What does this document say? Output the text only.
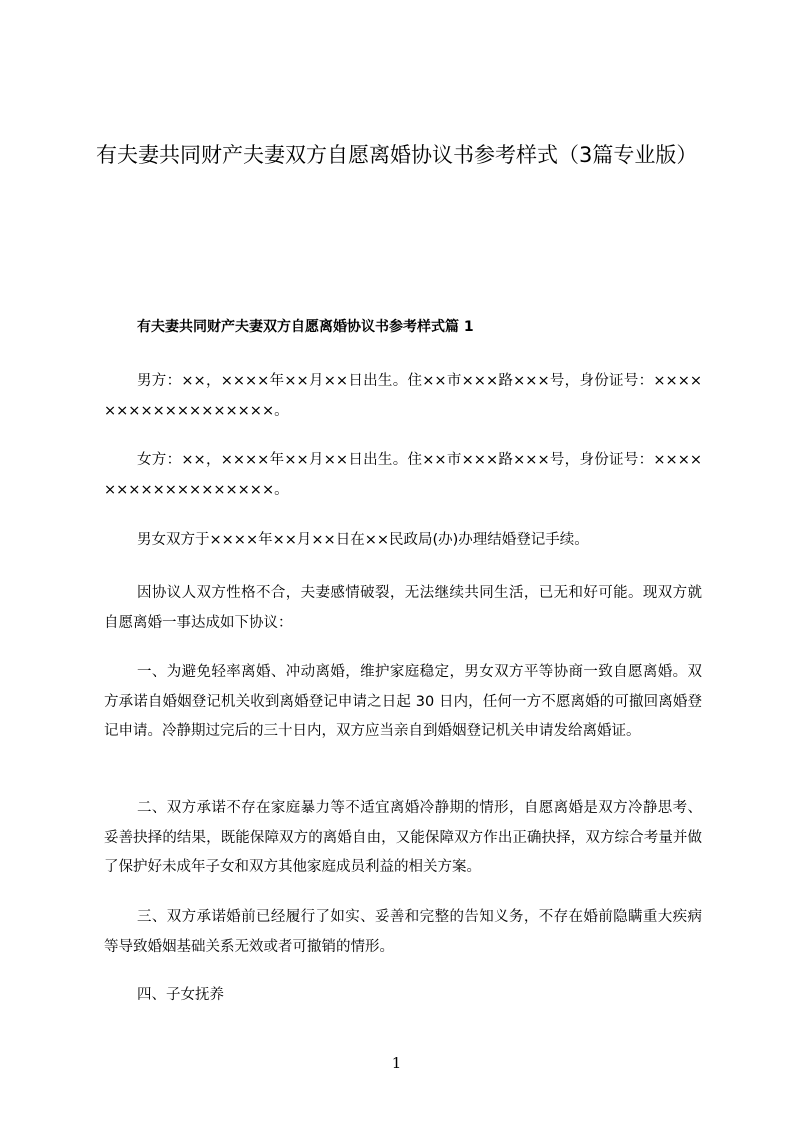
有夫妻共同财产夫妻双方自愿离婚协议书参考样式（3篇专业版）
有夫妻共同财产夫妻双方自愿离婚协议书参考样式篇 1

男方：××，××××年××月××日出生。住××市×××路×××号，身份证号：××××××××××××××××××。

女方：××，××××年××月××日出生。住××市×××路×××号，身份证号：××××××××××××××××××。

男女双方于××××年××月××日在××民政局(办)办理结婚登记手续。

因协议人双方性格不合，夫妻感情破裂，无法继续共同生活，已无和好可能。现双方就自愿离婚一事达成如下协议：

一、为避免轻率离婚、冲动离婚，维护家庭稳定，男女双方平等协商一致自愿离婚。双方承诺自婚姻登记机关收到离婚登记申请之日起 30 日内，任何一方不愿离婚的可撤回离婚登记申请。冷静期过完后的三十日内，双方应当亲自到婚姻登记机关申请发给离婚证。

二、双方承诺不存在家庭暴力等不适宜离婚冷静期的情形，自愿离婚是双方冷静思考、妥善抉择的结果，既能保障双方的离婚自由，又能保障双方作出正确抉择，双方综合考量并做了保护好未成年子女和双方其他家庭成员利益的相关方案。

三、双方承诺婚前已经履行了如实、妥善和完整的告知义务，不存在婚前隐瞒重大疾病等导致婚姻基础关系无效或者可撤销的情形。

四、子女抚养

1
